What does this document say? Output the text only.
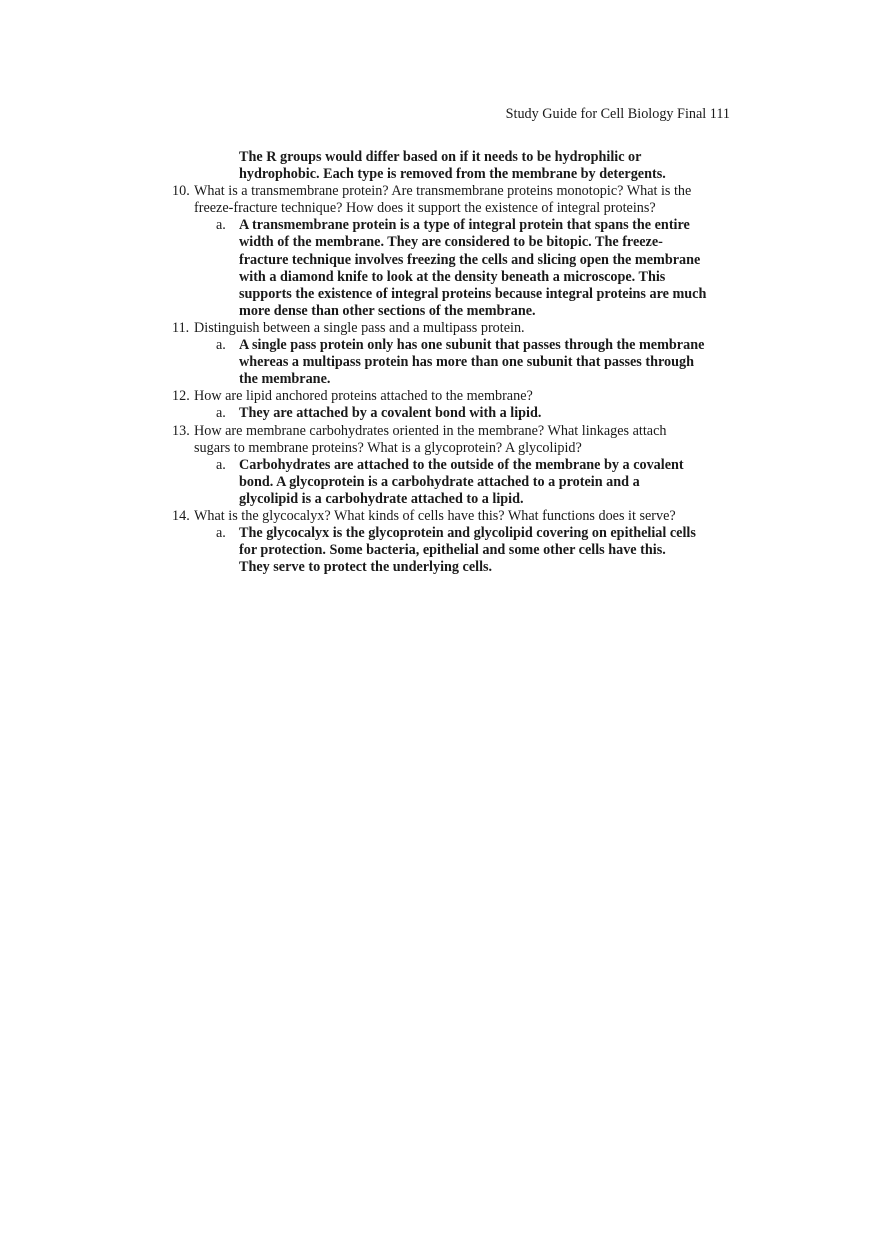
Study Guide for Cell Biology Final 111
The R groups would differ based on if it needs to be hydrophilic or
hydrophobic. Each type is removed from the membrane by detergents.
10. What is a transmembrane protein? Are transmembrane proteins monotopic? What is the
freeze-fracture technique? How does it support the existence of integral proteins?
a. A transmembrane protein is a type of integral protein that spans the entire
width of the membrane. They are considered to be bitopic. The freeze-
fracture technique involves freezing the cells and slicing open the membrane
with a diamond knife to look at the density beneath a microscope. This
supports the existence of integral proteins because integral proteins are much
more dense than other sections of the membrane.
11. Distinguish between a single pass and a multipass protein.
a. A single pass protein only has one subunit that passes through the membrane
whereas a multipass protein has more than one subunit that passes through
the membrane.
12. How are lipid anchored proteins attached to the membrane?
a. They are attached by a covalent bond with a lipid.
13. How are membrane carbohydrates oriented in the membrane? What linkages attach
sugars to membrane proteins? What is a glycoprotein? A glycolipid?
a. Carbohydrates are attached to the outside of the membrane by a covalent
bond. A glycoprotein is a carbohydrate attached to a protein and a
glycolipid is a carbohydrate attached to a lipid.
14. What is the glycocalyx? What kinds of cells have this? What functions does it serve?
a. The glycocalyx is the glycoprotein and glycolipid covering on epithelial cells
for protection. Some bacteria, epithelial and some other cells have this.
They serve to protect the underlying cells.
